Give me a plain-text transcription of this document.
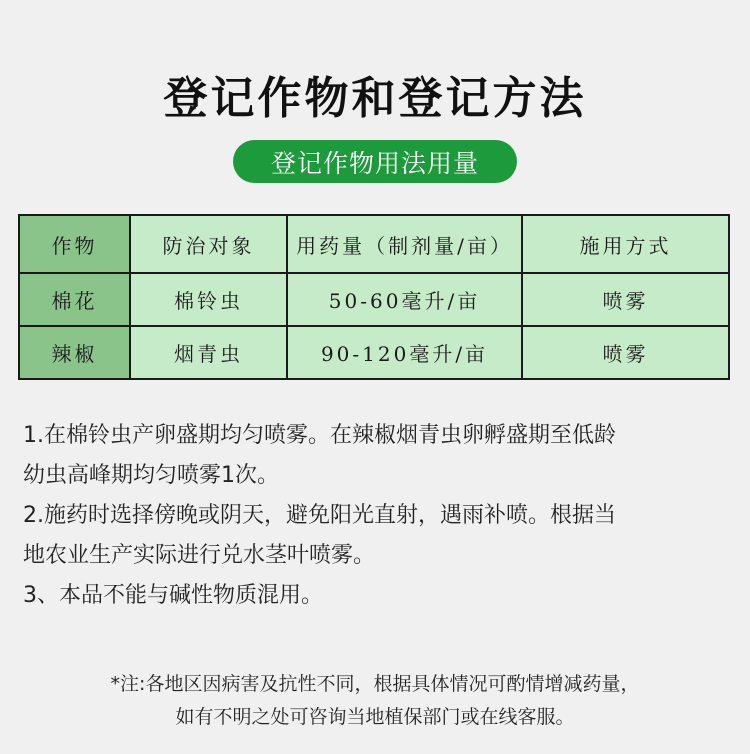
登记作物和登记方法
登记作物用法用量
作物	防治对象	用药量（制剂量/亩）	施用方式
棉花	棉铃虫	50-60毫升/亩	喷雾
辣椒	烟青虫	90-120毫升/亩	喷雾

1.在棉铃虫产卵盛期均匀喷雾。在辣椒烟青虫卵孵盛期至低龄

幼虫高峰期均匀喷雾1次。

2.施药时选择傍晚或阴天，避免阳光直射，遇雨补喷。根据当

地农业生产实际进行兑水茎叶喷雾。

3、本品不能与碱性物质混用。

*注:各地区因病害及抗性不同，根据具体情况可酌情增减药量，

如有不明之处可咨询当地植保部门或在线客服。
